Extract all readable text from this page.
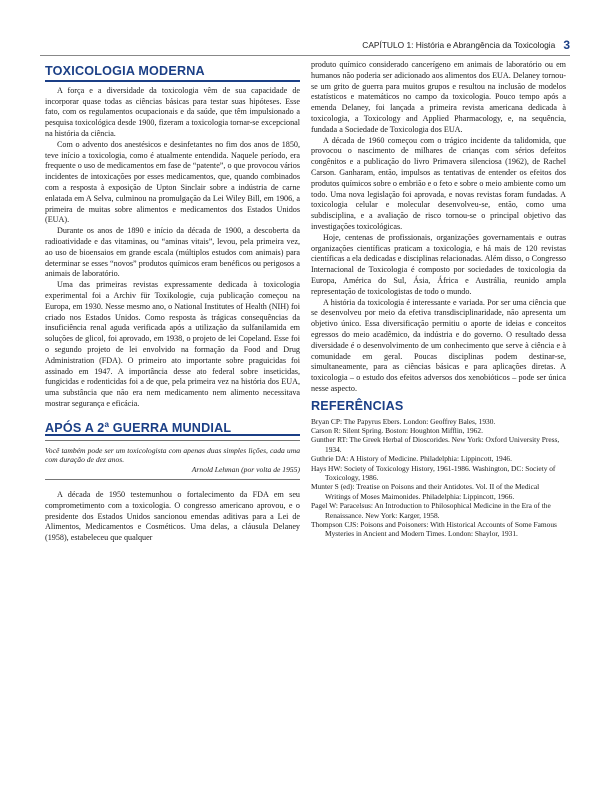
CAPÍTULO 1: História e Abrangência da Toxicologia 3
TOXICOLOGIA MODERNA

A força e a diversidade da toxicologia vêm de sua capacidade de incorporar quase todas as ciências básicas para testar suas hipóteses. Esse fato, com os regulamentos ocupacionais e da saúde, que têm impulsionado a pesquisa toxicológica desde 1900, fizeram a toxicologia tornar-se excepcional na história da ciência.

Com o advento dos anestésicos e desinfetantes no fim dos anos de 1850, teve início a toxicologia, como é atualmente entendida. Naquele período, era frequente o uso de medicamentos em fase de “patente”, o que provocou vários incidentes de intoxicações por esses medicamentos, que, quando combinados com a resposta à exposição de Upton Sinclair sobre a indústria de carne enlatada em A Selva, culminou na promulgação da Lei Wiley Bill, em 1906, a primeira de muitas sobre alimentos e medicamentos dos Estados Unidos (EUA).

Durante os anos de 1890 e início da década de 1900, a descoberta da radioatividade e das vitaminas, ou “aminas vitais”, levou, pela primeira vez, ao uso de bioensaios em grande escala (múltiplos estudos com animais) para determinar se esses “novos” produtos químicos eram benéficos ou perigosos a animais de laboratório.

Uma das primeiras revistas expressamente dedicada à toxicologia experimental foi a Archiv für Toxikologie, cuja publicação começou na Europa, em 1930. Nesse mesmo ano, o National Institutes of Health (NIH) foi criado nos Estados Unidos. Como resposta às trágicas consequências da insuficiência renal aguda verificada após a utilização da sulfanilamida em soluções de glicol, foi aprovado, em 1938, o projeto de lei Copeland. Esse foi o segundo projeto de lei envolvido na formação da Food and Drug Administration (FDA). O primeiro ato importante sobre praguicidas foi assinado em 1947. A importância desse ato federal sobre inseticidas, fungicidas e rodenticidas foi a de que, pela primeira vez na história dos EUA, uma substância que não era nem medicamento nem alimento necessitava mostrar segurança e eficácia.

APÓS A 2$^a$ GUERRA MUNDIAL
Você também pode ser um toxicologista com apenas duas simples lições, cada uma com duração de dez anos.
Arnold Lehman (por volta de 1955)

A década de 1950 testemunhou o fortalecimento da FDA em seu comprometimento com a toxicologia. O congresso americano aprovou, e o presidente dos Estados Unidos sancionou emendas aditivas para a Lei de Alimentos, Medicamentos e Cosméticos. Uma delas, a cláusula Delaney (1958), estabeleceu que qualquer

produto químico considerado cancerígeno em animais de laboratório ou em humanos não poderia ser adicionado aos alimentos dos EUA. Delaney tornou-se um grito de guerra para muitos grupos e resultou na inclusão de modelos estatísticos e matemáticos no campo da toxicologia. Pouco tempo após a emenda Delaney, foi lançada a primeira revista americana dedicada à toxicologia, a Toxicology and Applied Pharmacology, e, na sequência, fundada a Sociedade de Toxicologia dos EUA.

A década de 1960 começou com o trágico incidente da talidomida, que provocou o nascimento de milhares de crianças com sérios defeitos congênitos e a publicação do livro Primavera silenciosa (1962), de Rachel Carson. Ganharam, então, impulsos as tentativas de entender os efeitos dos produtos químicos sobre o embrião e o feto e sobre o meio ambiente como um todo. Uma nova legislação foi aprovada, e novas revistas foram fundadas. A toxicologia celular e molecular desenvolveu-se, então, como uma subdisciplina, e a avaliação de risco tornou-se o principal objetivo das investigações toxicológicas.

Hoje, centenas de profissionais, organizações governamentais e outras organizações científicas praticam a toxicologia, e há mais de 120 revistas científicas a ela dedicadas e disciplinas relacionadas. Além disso, o Congresso Internacional de Toxicologia é composto por sociedades de toxicologia da Europa, América do Sul, Ásia, África e Austrália, reunido ampla representação de toxicologistas de todo o mundo.

A história da toxicologia é interessante e variada. Por ser uma ciência que se desenvolveu por meio da efetiva transdisciplinaridade, não apresenta um objetivo único. Essa diversificação permitiu o aporte de ideias e conceitos egressos do meio acadêmico, da indústria e do governo. O resultado dessa diversidade é o desenvolvimento de um conhecimento que serve à ciência e à comunidade em geral. Poucas disciplinas podem destinar-se, simultaneamente, para as ciências básicas e para aplicações diretas. A toxicologia – o estudo dos efeitos adversos dos xenobióticos – pode ser única nesse aspecto.

REFERÊNCIAS
Bryan CP: The Papyrus Ebers. London: Geoffrey Bales, 1930.
Carson R: Silent Spring. Boston: Houghton Mifflin, 1962.
Gunther RT: The Greek Herbal of Dioscorides. New York: Oxford University Press, 1934.
Guthrie DA: A History of Medicine. Philadelphia: Lippincott, 1946.
Hays HW: Society of Toxicology History, 1961-1986. Washington, DC: Society of Toxicology, 1986.
Munter S (ed): Treatise on Poisons and their Antidotes. Vol. II of the Medical Writings of Moses Maimonides. Philadelphia: Lippincott, 1966.
Pagel W: Paracelsus: An Introduction to Philosophical Medicine in the Era of the Renaissance. New York: Karger, 1958.
Thompson CJS: Poisons and Poisoners: With Historical Accounts of Some Famous Mysteries in Ancient and Modern Times. London: Shaylor, 1931.
